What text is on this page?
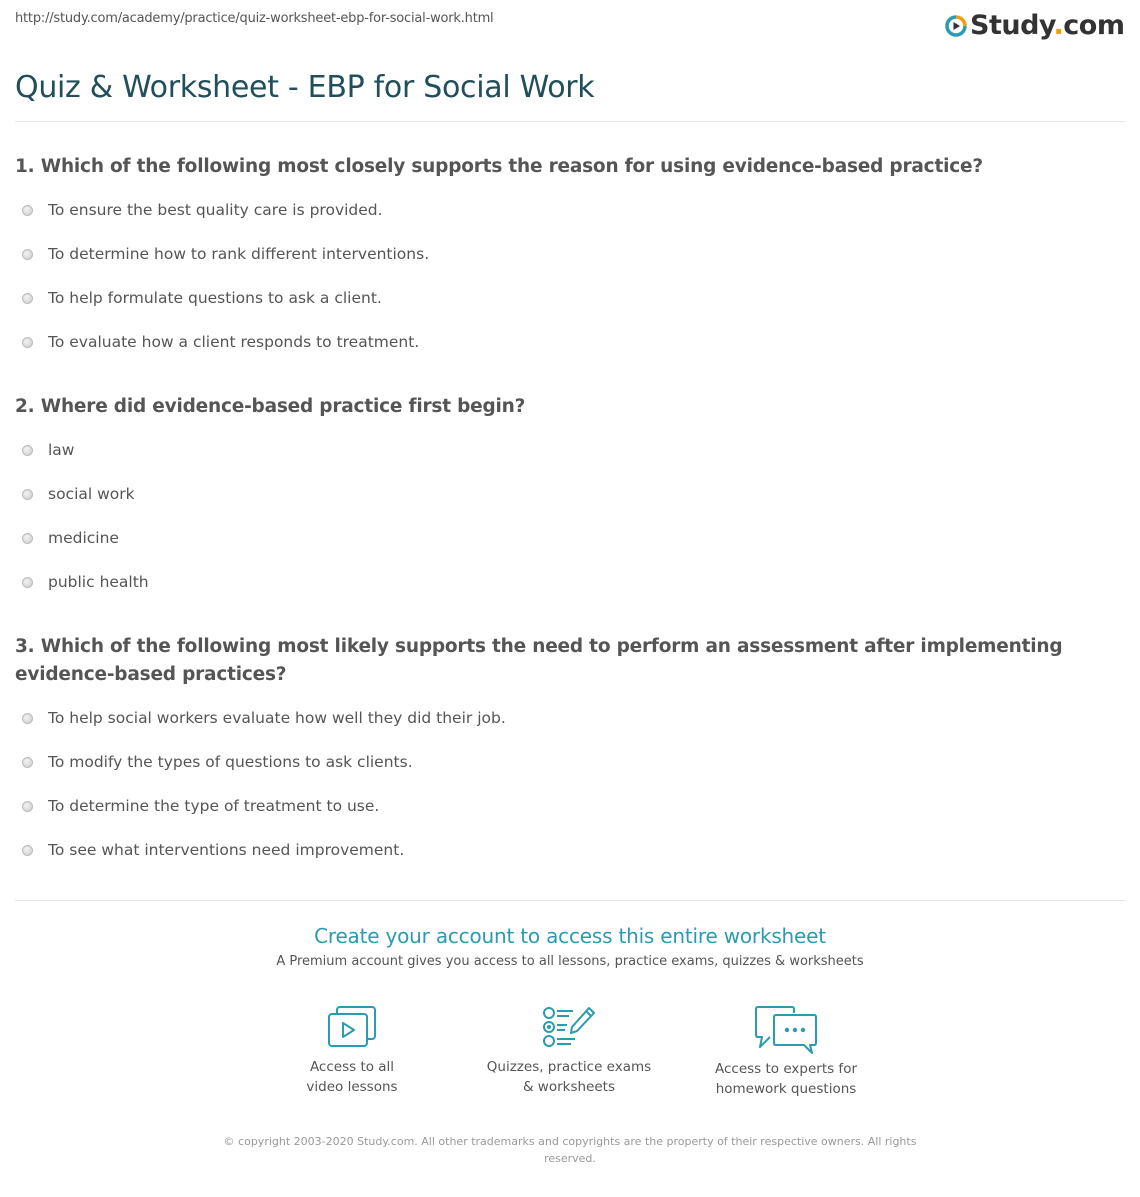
http://study.com/academy/practice/quiz-worksheet-ebp-for-social-work.html	Study.com
Quiz & Worksheet - EBP for Social Work
1. Which of the following most closely supports the reason for using evidence-based practice?
To ensure the best quality care is provided.
To determine how to rank different interventions.
To help formulate questions to ask a client.
To evaluate how a client responds to treatment.
2. Where did evidence-based practice first begin?
law
social work
medicine
public health
3. Which of the following most likely supports the need to perform an assessment after implementing evidence-based practices?
To help social workers evaluate how well they did their job.
To modify the types of questions to ask clients.
To determine the type of treatment to use.
To see what interventions need improvement.
Create your account to access this entire worksheet
A Premium account gives you access to all lessons, practice exams, quizzes & worksheets
Access to all
video lessons
Quizzes, practice exams
& worksheets
Access to experts for
homework questions
© copyright 2003-2020 Study.com. All other trademarks and copyrights are the property of their respective owners. All rights reserved.
